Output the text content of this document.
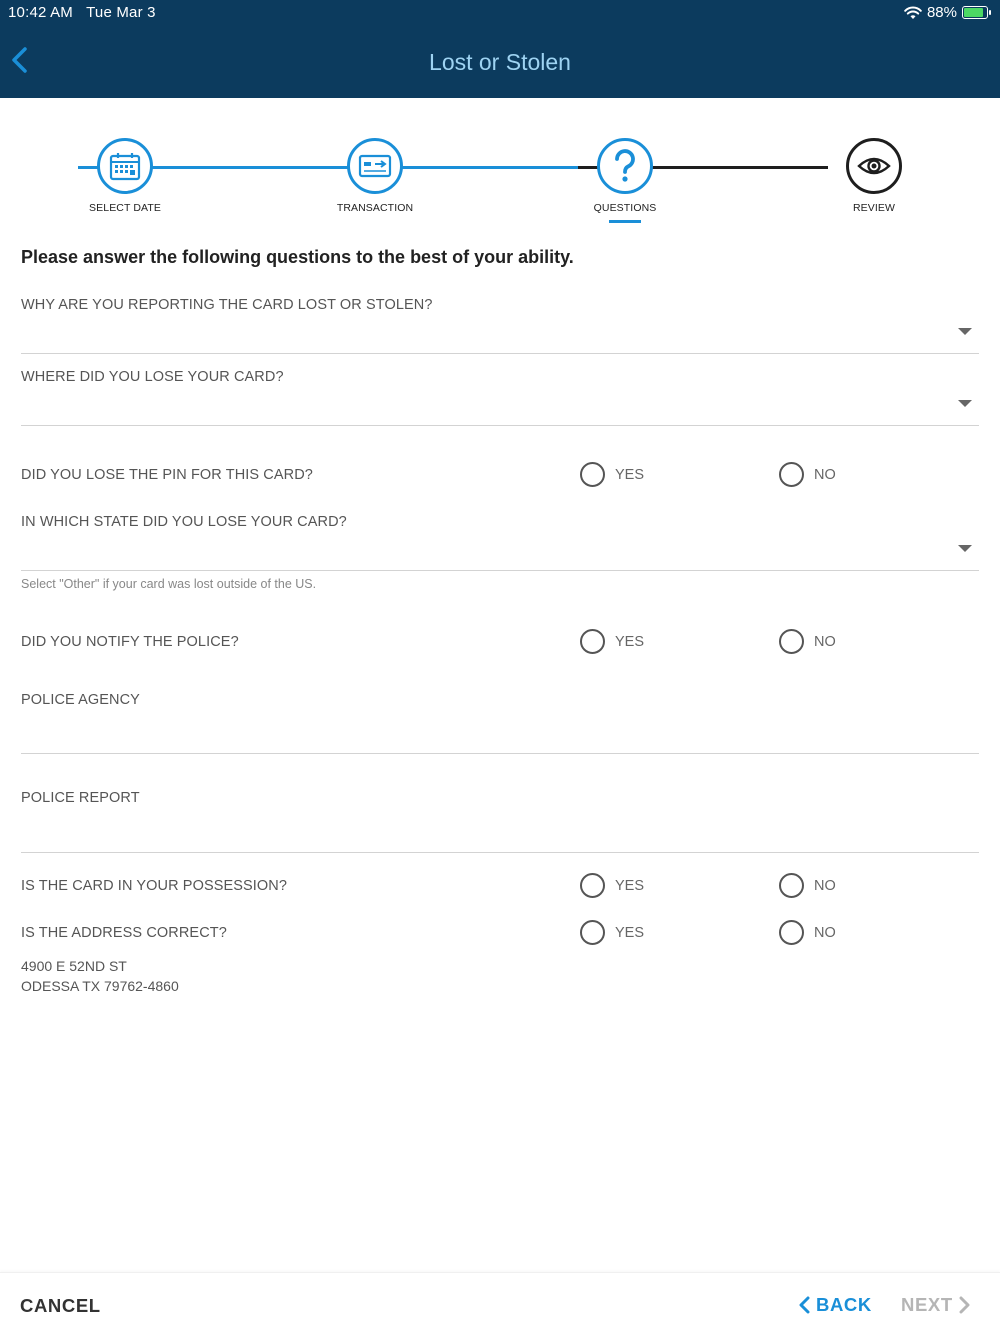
10:42 AM Tue Mar 3	88%
Lost or Stolen
SELECT DATE	TRANSACTION	QUESTIONS	REVIEW
Please answer the following questions to the best of your ability.
WHY ARE YOU REPORTING THE CARD LOST OR STOLEN?
WHERE DID YOU LOSE YOUR CARD?
DID YOU LOSE THE PIN FOR THIS CARD?	YES	NO
IN WHICH STATE DID YOU LOSE YOUR CARD?
Select "Other" if your card was lost outside of the US.
DID YOU NOTIFY THE POLICE?	YES	NO
POLICE AGENCY
POLICE REPORT
IS THE CARD IN YOUR POSSESSION?	YES	NO
IS THE ADDRESS CORRECT?	YES	NO
4900 E 52ND ST
ODESSA TX 79762-4860
CANCEL	BACK NEXT
